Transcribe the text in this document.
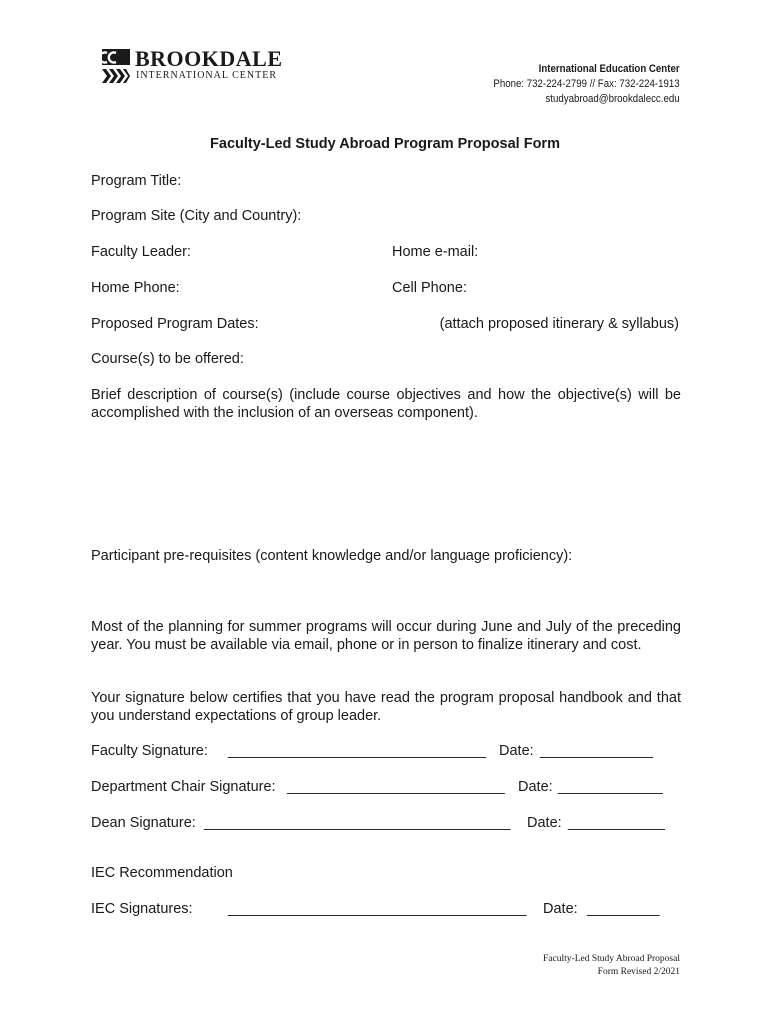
BROOKDALE
INTERNATIONAL CENTER
International Education Center
Phone: 732-224-2799 // Fax: 732-224-1913
studyabroad@brookdalecc.edu
Faculty-Led Study Abroad Program Proposal Form
Program Title:
Program Site (City and Country):
Faculty Leader:	Home e-mail:
Home Phone:	Cell Phone:
Proposed Program Dates:	(attach proposed itinerary & syllabus)
Course(s) to be offered:
Brief description of course(s) (include course objectives and how the objective(s) will be accomplished with the inclusion of an overseas component).
Participant pre-requisites (content knowledge and/or language proficiency):
Most of the planning for summer programs will occur during June and July of the preceding year. You must be available via email, phone or in person to finalize itinerary and cost.
Your signature below certifies that you have read the program proposal handbook and that you understand expectations of group leader.
Faculty Signature: ________________________________ Date: ______________
Department Chair Signature: ___________________________ Date: _____________
Dean Signature: ______________________________________ Date: ____________
IEC Recommendation
IEC Signatures: _____________________________________ Date: _________
Faculty-Led Study Abroad Proposal
Form Revised 2/2021
